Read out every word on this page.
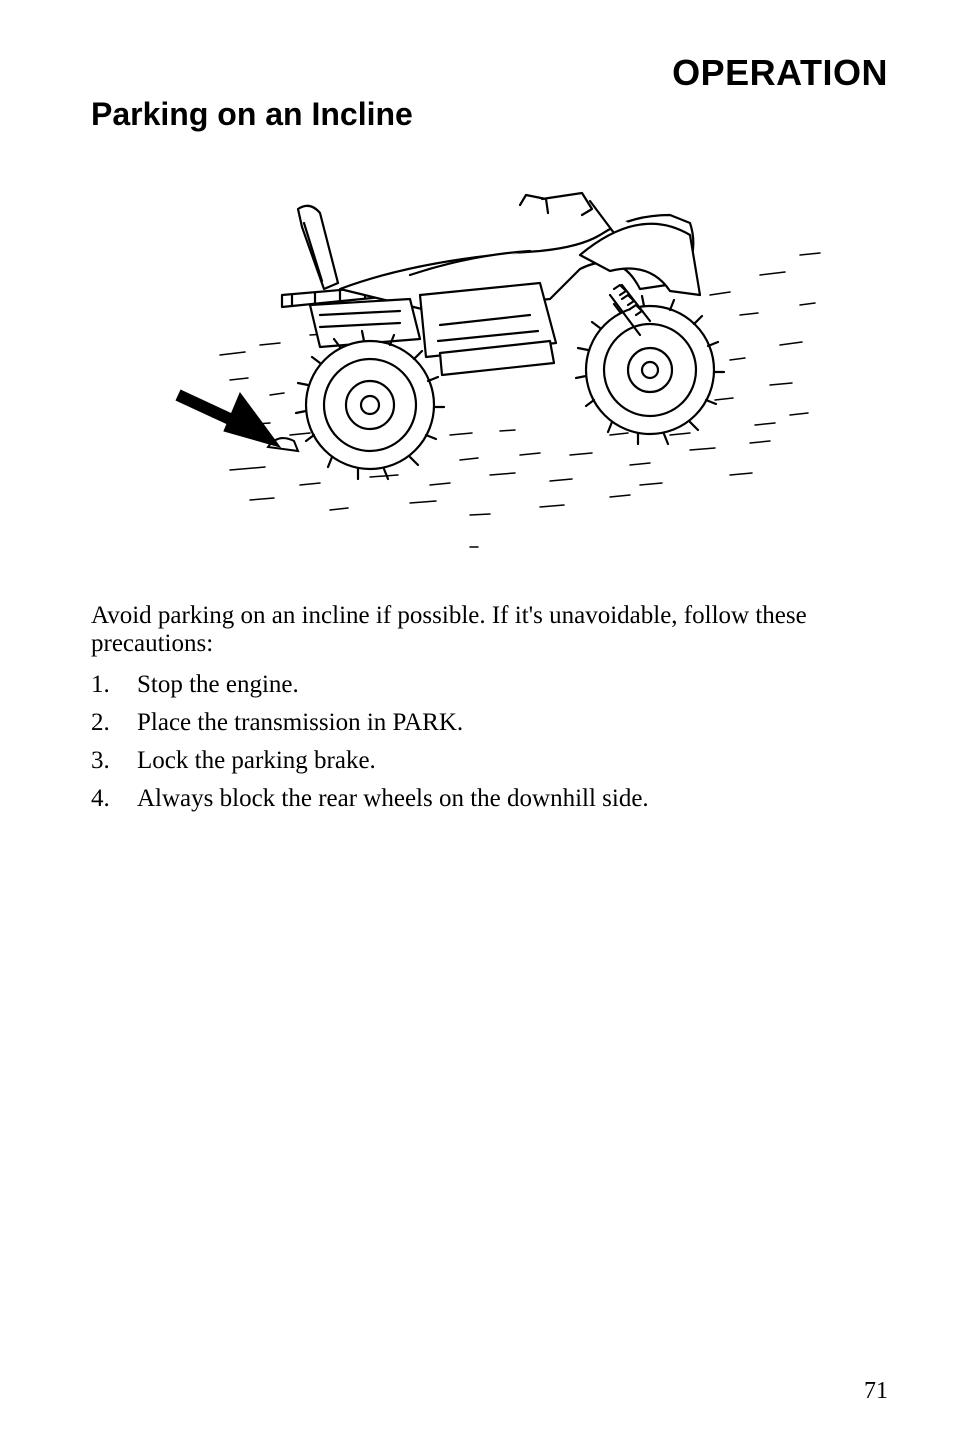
OPERATION
Parking on an Incline

Avoid parking on an incline if possible. If it's unavoidable, follow these precautions:

1. Stop the engine.
2. Place the transmission in PARK.
3. Lock the parking brake.
4. Always block the rear wheels on the downhill side.
71
